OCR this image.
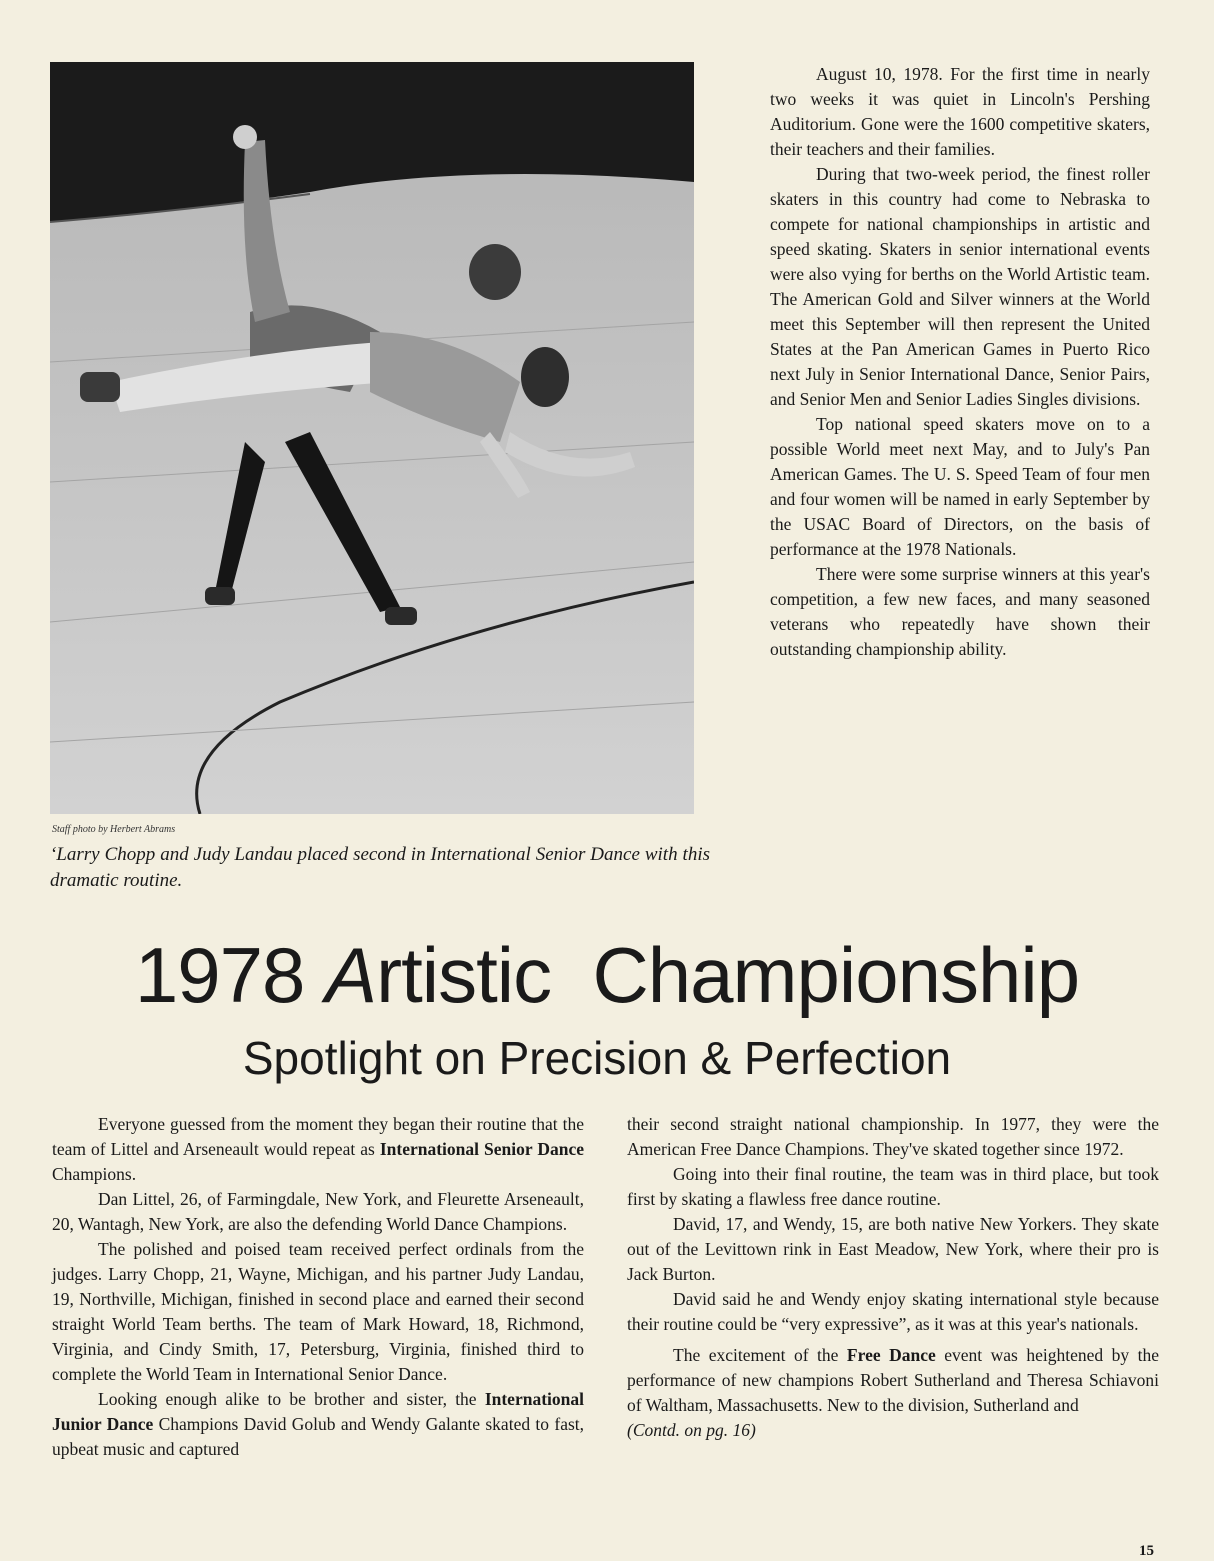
Staff photo by Herbert Abrams
‘Larry Chopp and Judy Landau placed second in International Senior Dance with this dramatic routine.

August 10, 1978. For the first time in nearly two weeks it was quiet in Lincoln's Pershing Auditorium. Gone were the 1600 competitive skaters, their teachers and their families.

During that two-week period, the finest roller skaters in this country had come to Nebraska to compete for national championships in artistic and speed skating. Skaters in senior international events were also vying for berths on the World Artistic team. The American Gold and Silver winners at the World meet this September will then represent the United States at the Pan American Games in Puerto Rico next July in Senior International Dance, Senior Pairs, and Senior Men and Senior Ladies Singles divisions.

Top national speed skaters move on to a possible World meet next May, and to July's Pan American Games. The U. S. Speed Team of four men and four women will be named in early September by the USAC Board of Directors, on the basis of performance at the 1978 Nationals.

There were some surprise winners at this year's competition, a few new faces, and many seasoned veterans who repeatedly have shown their outstanding championship ability.

1978 Artistic  Championship
Spotlight on Precision & Perfection

Everyone guessed from the moment they began their routine that the team of Littel and Arseneault would repeat as International Senior Dance Champions.

Dan Littel, 26, of Farmingdale, New York, and Fleurette Arseneault, 20, Wantagh, New York, are also the defending World Dance Champions.

The polished and poised team received perfect ordinals from the judges. Larry Chopp, 21, Wayne, Michigan, and his partner Judy Landau, 19, Northville, Michigan, finished in second place and earned their second straight World Team berths. The team of Mark Howard, 18, Richmond, Virginia, and Cindy Smith, 17, Petersburg, Virginia, finished third to complete the World Team in International Senior Dance.

Looking enough alike to be brother and sister, the International Junior Dance Champions David Golub and Wendy Galante skated to fast, upbeat music and captured

their second straight national championship. In 1977, they were the American Free Dance Champions. They've skated together since 1972.

Going into their final routine, the team was in third place, but took first by skating a flawless free dance routine.

David, 17, and Wendy, 15, are both native New Yorkers. They skate out of the Levittown rink in East Meadow, New York, where their pro is Jack Burton.

David said he and Wendy enjoy skating international style because their routine could be “very expressive”, as it was at this year's nationals.

The excitement of the Free Dance event was heightened by the performance of new champions Robert Sutherland and Theresa Schiavoni of Waltham, Massachusetts. New to the division, Sutherland and

(Contd. on pg. 16)

15
